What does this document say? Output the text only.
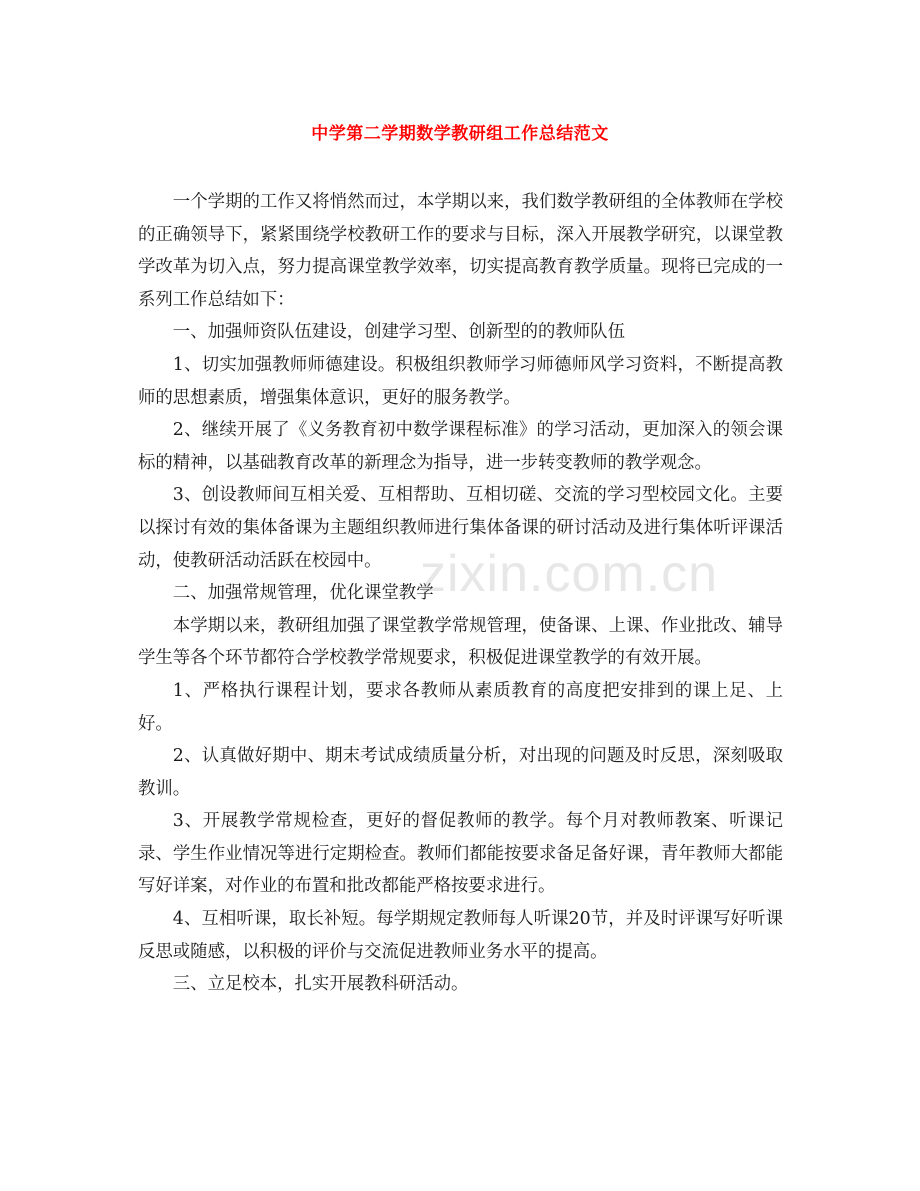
中学第二学期数学教研组工作总结范文

一个学期的工作又将悄然而过，本学期以来，我们数学教研组的全体教师在学校的正确领导下，紧紧围绕学校教研工作的要求与目标，深入开展教学研究，以课堂教学改革为切入点，努力提高课堂教学效率，切实提高教育教学质量。现将已完成的一系列工作总结如下：

一、加强师资队伍建设，创建学习型、创新型的的教师队伍

1、切实加强教师师德建设。积极组织教师学习师德师风学习资料，不断提高教师的思想素质，增强集体意识，更好的服务教学。

2、继续开展了《义务教育初中数学课程标准》的学习活动，更加深入的领会课标的精神，以基础教育改革的新理念为指导，进一步转变教师的教学观念。

3、创设教师间互相关爱、互相帮助、互相切磋、交流的学习型校园文化。主要以探讨有效的集体备课为主题组织教师进行集体备课的研讨活动及进行集体听评课活动，使教研活动活跃在校园中。

二、加强常规管理，优化课堂教学

本学期以来，教研组加强了课堂教学常规管理，使备课、上课、作业批改、辅导学生等各个环节都符合学校教学常规要求，积极促进课堂教学的有效开展。

1、严格执行课程计划，要求各教师从素质教育的高度把安排到的课上足、上好。

2、认真做好期中、期末考试成绩质量分析，对出现的问题及时反思，深刻吸取教训。

3、开展教学常规检查，更好的督促教师的教学。每个月对教师教案、听课记录、学生作业情况等进行定期检查。教师们都能按要求备足备好课，青年教师大都能写好详案，对作业的布置和批改都能严格按要求进行。

4、互相听课，取长补短。每学期规定教师每人听课20节，并及时评课写好听课反思或随感，以积极的评价与交流促进教师业务水平的提高。

三、立足校本，扎实开展教科研活动。

zixin.com.cn
